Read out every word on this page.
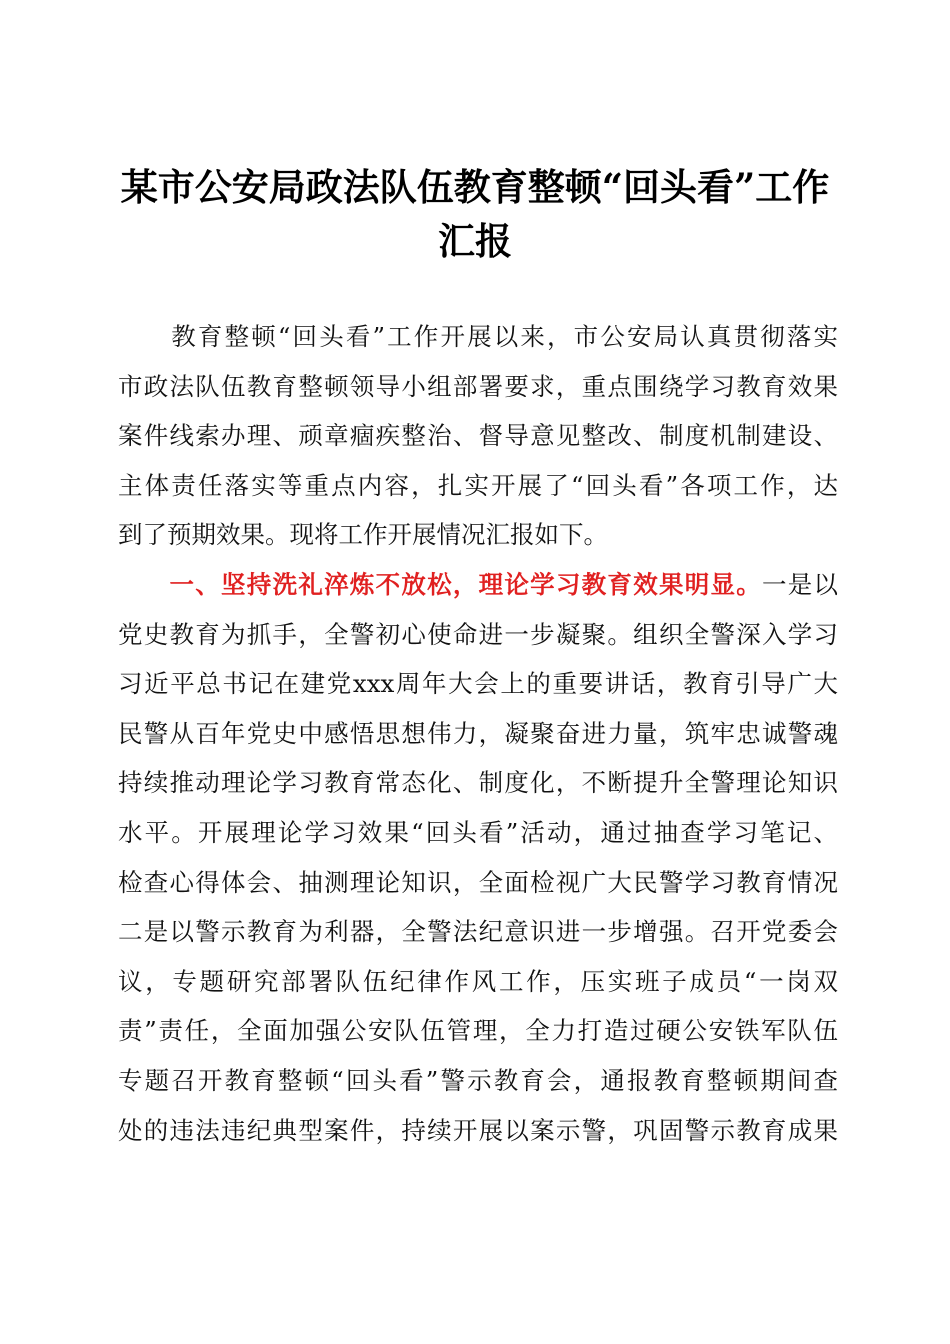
某市公安局政法队伍教育整顿“回头看”工作
汇报
　　教育整顿“回头看”工作开展以来，市公安局认真贯彻落实
市政法队伍教育整顿领导小组部署要求，重点围绕学习教育效果
案件线索办理、顽章痼疾整治、督导意见整改、制度机制建设、
主体责任落实等重点内容，扎实开展了“回头看”各项工作，达
到了预期效果。现将工作开展情况汇报如下。
　　一、坚持洗礼淬炼不放松，理论学习教育效果明显。一是以
党史教育为抓手，全警初心使命进一步凝聚。组织全警深入学习
习近平总书记在建党xxx周年大会上的重要讲话，教育引导广大
民警从百年党史中感悟思想伟力，凝聚奋进力量，筑牢忠诚警魂
持续推动理论学习教育常态化、制度化，不断提升全警理论知识
水平。开展理论学习效果“回头看”活动，通过抽查学习笔记、
检查心得体会、抽测理论知识，全面检视广大民警学习教育情况
二是以警示教育为利器，全警法纪意识进一步增强。召开党委会
议，专题研究部署队伍纪律作风工作，压实班子成员“一岗双
责”责任，全面加强公安队伍管理，全力打造过硬公安铁军队伍
专题召开教育整顿“回头看”警示教育会，通报教育整顿期间查
处的违法违纪典型案件，持续开展以案示警，巩固警示教育成果
